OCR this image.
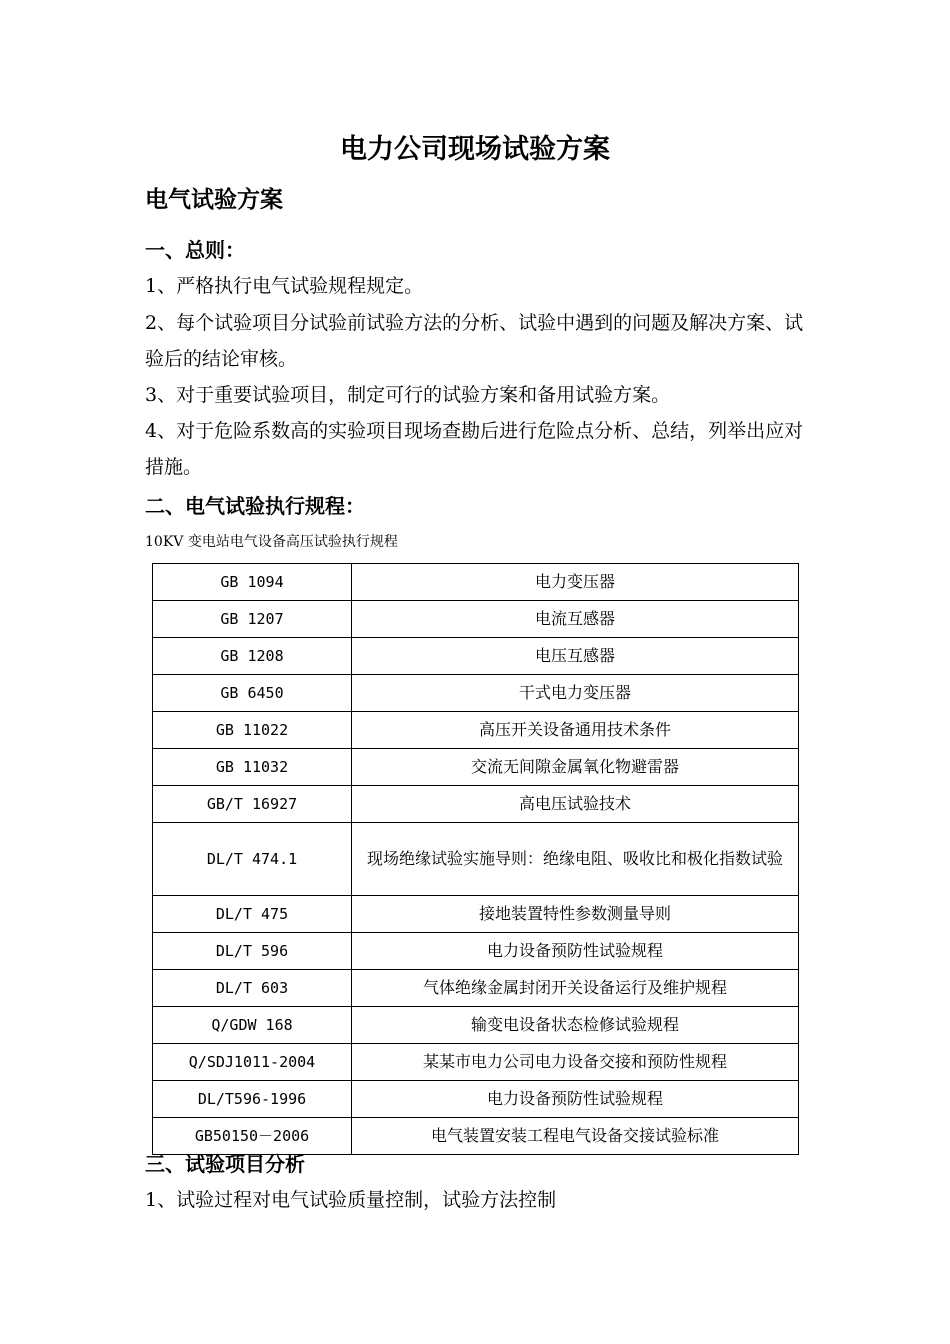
电力公司现场试验方案
电气试验方案
一、总则：
1、严格执行电气试验规程规定。
2、每个试验项目分试验前试验方法的分析、试验中遇到的问题及解决方案、试验后的结论审核。
3、对于重要试验项目，制定可行的试验方案和备用试验方案。
4、对于危险系数高的实验项目现场查勘后进行危险点分析、总结，列举出应对措施。
二、电气试验执行规程：
10KV 变电站电气设备高压试验执行规程
GB 1094	电力变压器
GB 1207	电流互感器
GB 1208	电压互感器
GB 6450	干式电力变压器
GB 11022	高压开关设备通用技术条件
GB 11032	交流无间隙金属氧化物避雷器
GB/T 16927	高电压试验技术
DL/T 474.1	现场绝缘试验实施导则：绝缘电阻、吸收比和极化指数试验
DL/T 475	接地装置特性参数测量导则
DL/T 596	电力设备预防性试验规程
DL/T 603	气体绝缘金属封闭开关设备运行及维护规程
Q/GDW 168	输变电设备状态检修试验规程
Q/SDJ1011-2004	某某市电力公司电力设备交接和预防性规程
DL/T596-1996	电力设备预防性试验规程
GB50150－2006	电气装置安装工程电气设备交接试验标准
三、试验项目分析
1、试验过程对电气试验质量控制，试验方法控制
